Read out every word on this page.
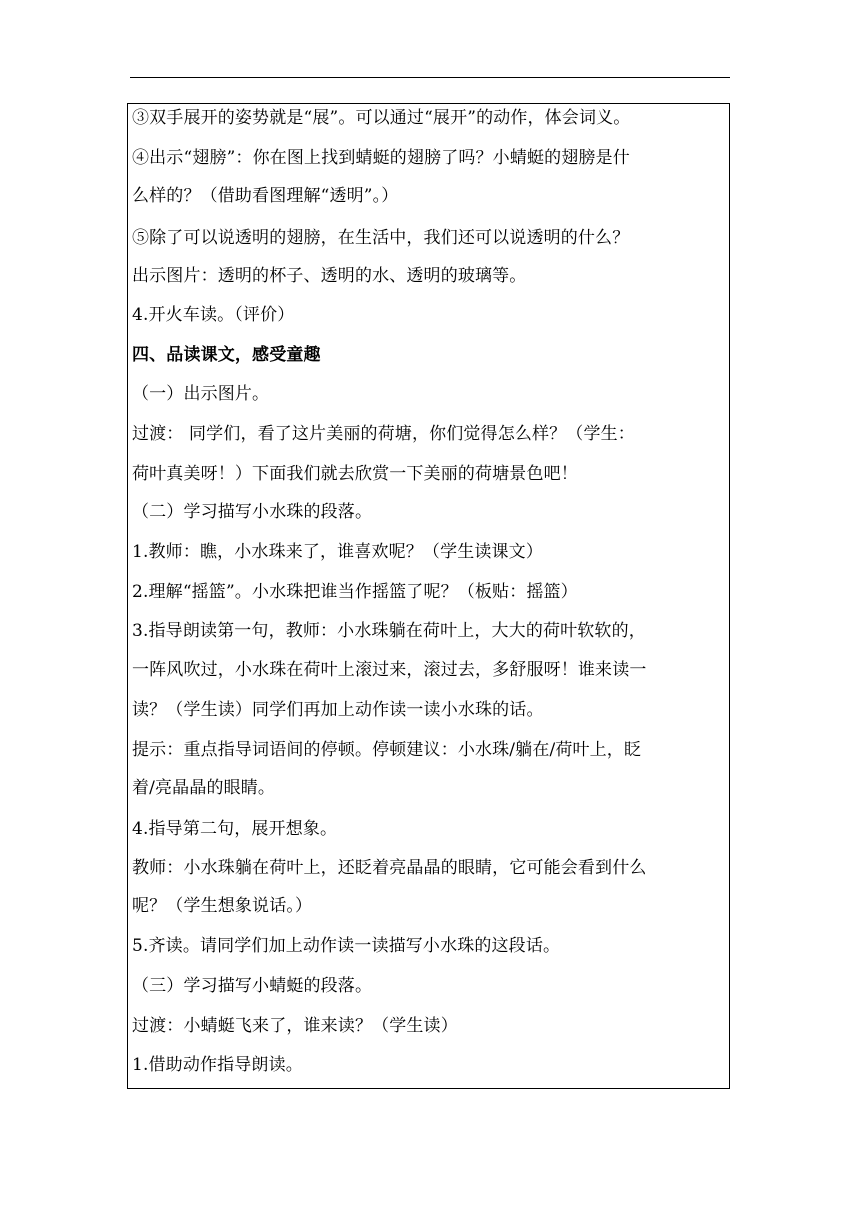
③双手展开的姿势就是“展”。可以通过“展开”的动作，体会词义。
④出示“翅膀”：你在图上找到蜻蜓的翅膀了吗？小蜻蜓的翅膀是什
么样的？（借助看图理解“透明”。）
⑤除了可以说透明的翅膀，在生活中，我们还可以说透明的什么？
出示图片：透明的杯子、透明的水、透明的玻璃等。
4.开火车读。（评价）
四、品读课文，感受童趣
（一）出示图片。
过渡： 同学们，看了这片美丽的荷塘，你们觉得怎么样？（学生：
荷叶真美呀！）下面我们就去欣赏一下美丽的荷塘景色吧！
（二）学习描写小水珠的段落。
1.教师：瞧，小水珠来了，谁喜欢呢？（学生读课文）
2.理解“摇篮”。小水珠把谁当作摇篮了呢？（板贴：摇篮）
3.指导朗读第一句，教师：小水珠躺在荷叶上，大大的荷叶软软的，
一阵风吹过，小水珠在荷叶上滚过来，滚过去，多舒服呀！谁来读一
读？（学生读）同学们再加上动作读一读小水珠的话。
提示：重点指导词语间的停顿。停顿建议：小水珠/躺在/荷叶上，眨
着/亮晶晶的眼睛。
4.指导第二句，展开想象。
教师：小水珠躺在荷叶上，还眨着亮晶晶的眼睛，它可能会看到什么
呢？（学生想象说话。）
5.齐读。请同学们加上动作读一读描写小水珠的这段话。
（三）学习描写小蜻蜓的段落。
过渡：小蜻蜓飞来了，谁来读？（学生读）
1.借助动作指导朗读。
